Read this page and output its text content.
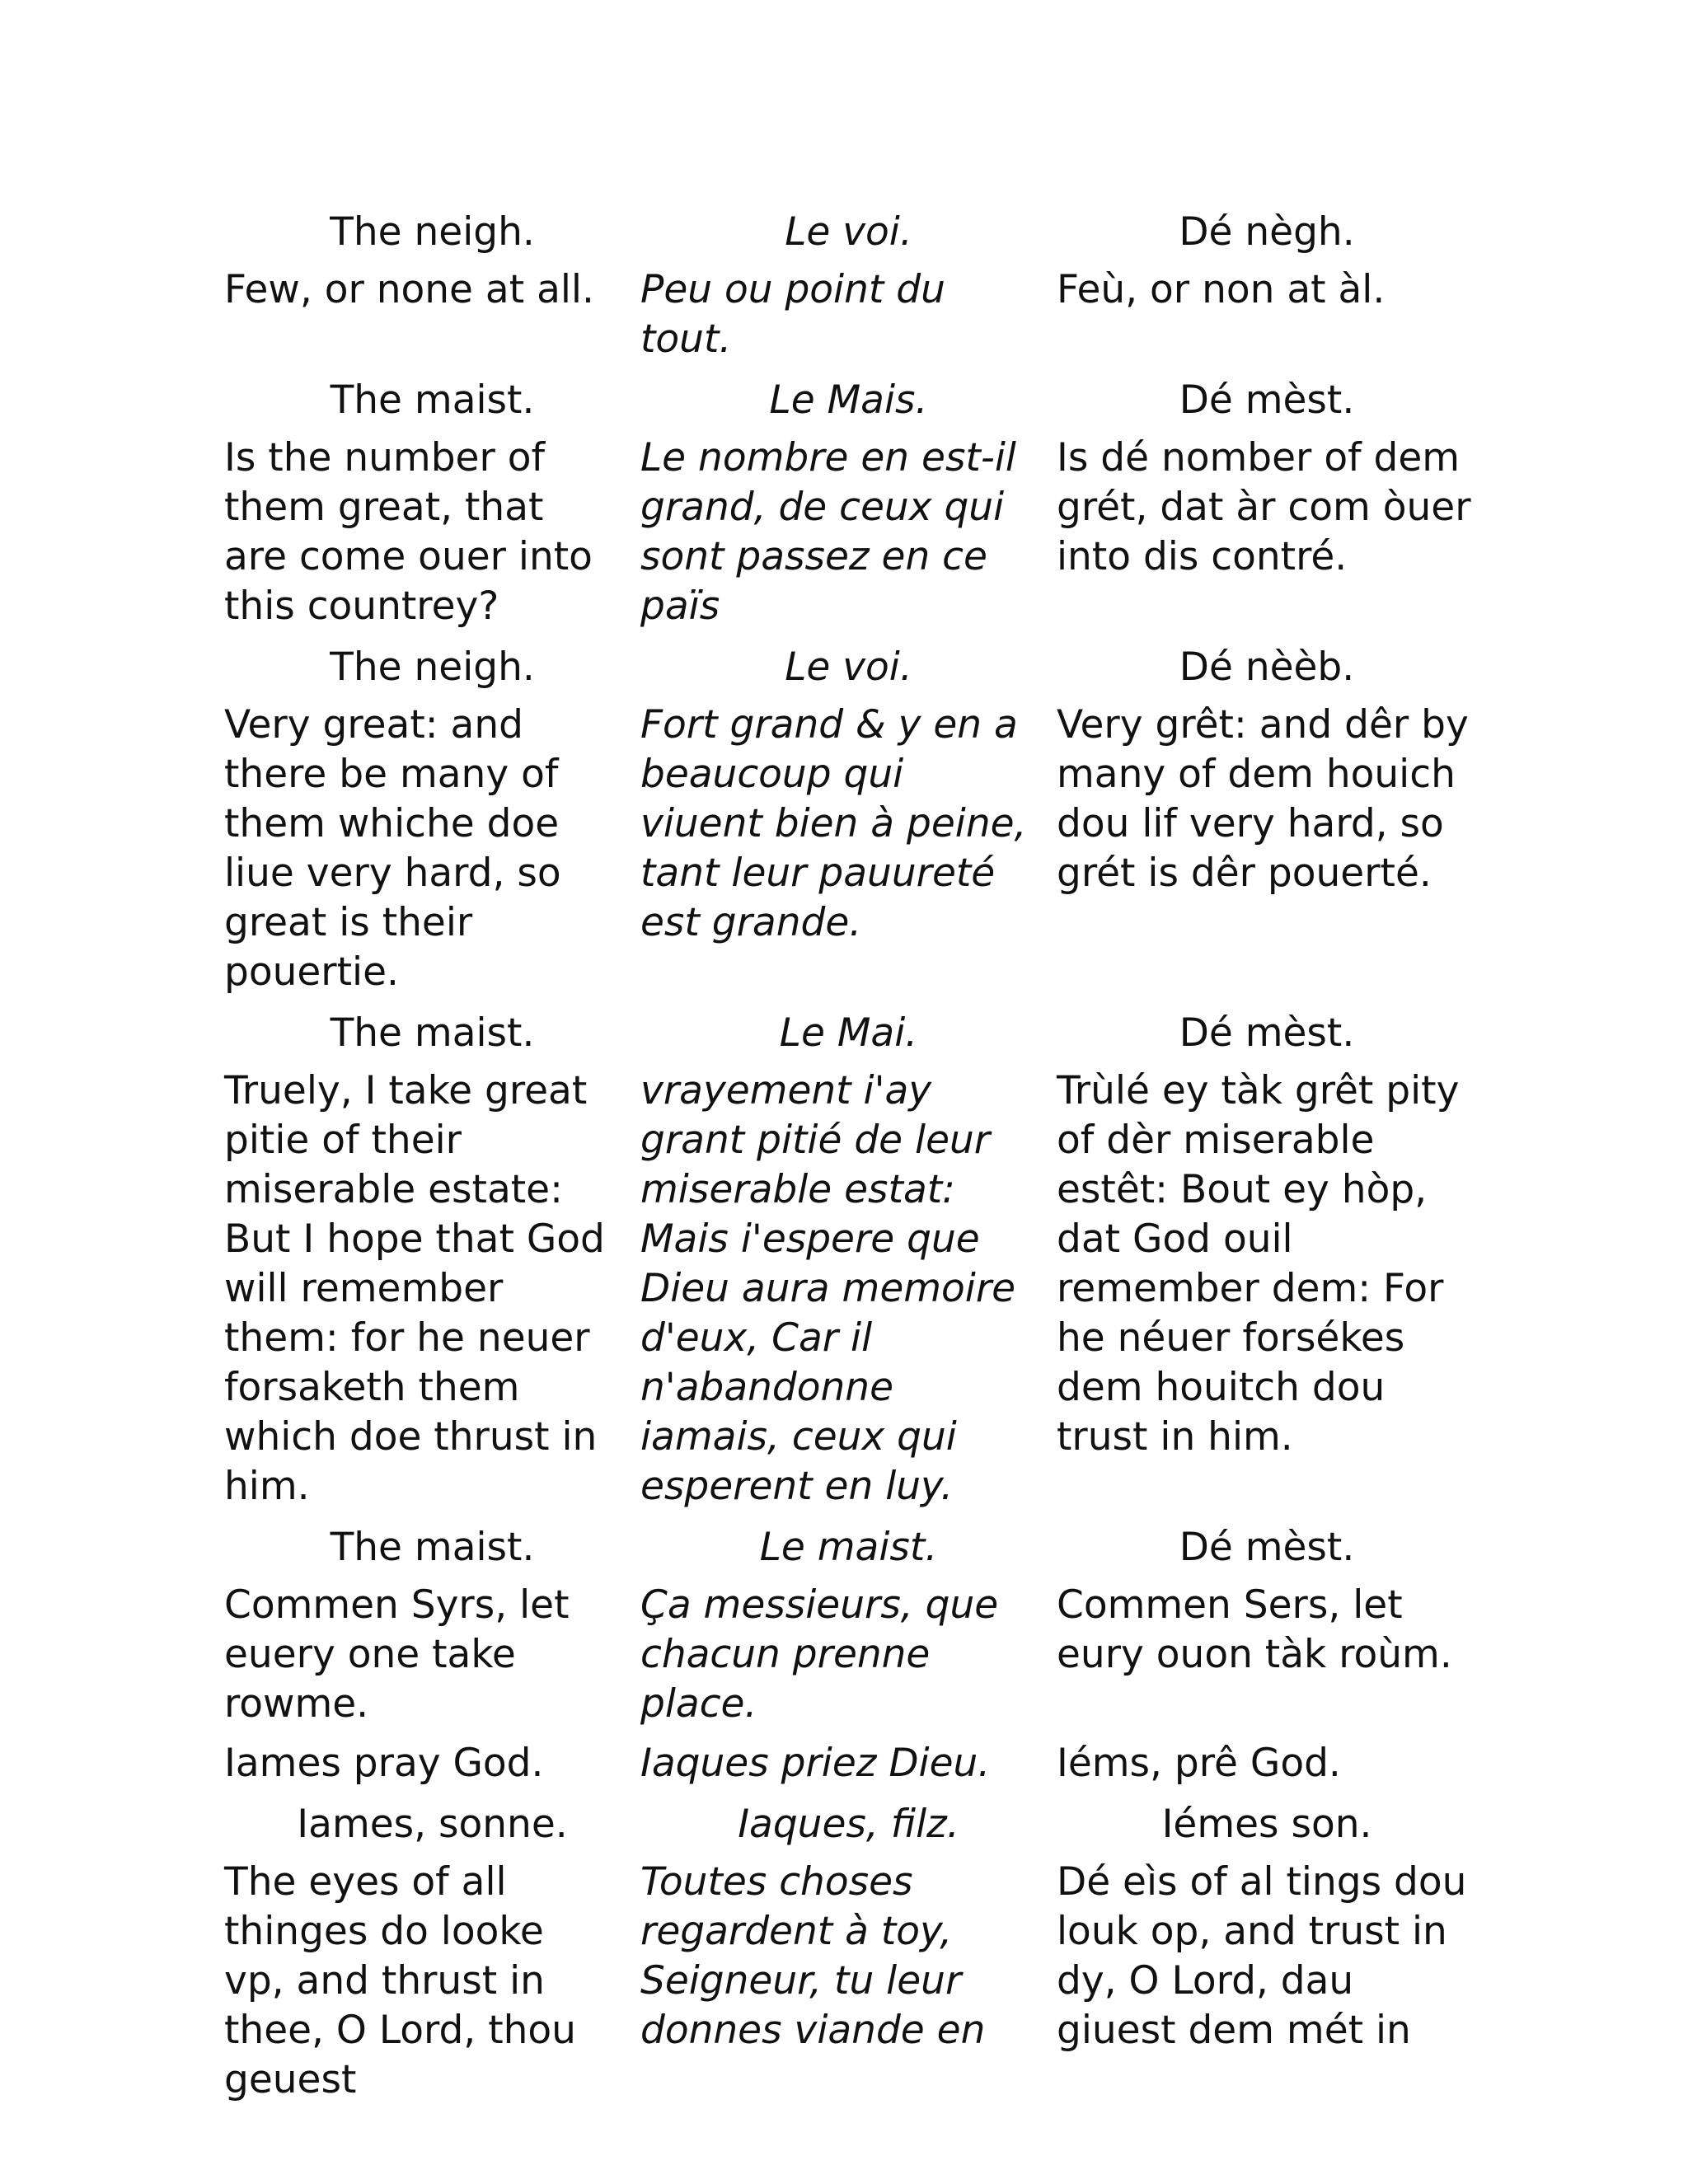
The neigh.	Le voi.	Dé nègh.
Few, or none at all.	Peu ou point du tout.	Feù, or non at àl.
The maist.	Le Mais.	Dé mèst.
Is the number of them great, that are come ouer into this countrey?	Le nombre en est-il grand, de ceux qui sont passez en ce païs	Is dé nomber of dem grét, dat àr com òuer into dis contré.
The neigh.	Le voi.	Dé nèèb.
Very great: and there be many of them whiche doe liue very hard, so great is their pouertie.	Fort grand & y en a beaucoup qui viuent bien à peine, tant leur pauureté est grande.	Very grêt: and dêr by many of dem houich dou lif very hard, so grét is dêr pouerté.
The maist.	Le Mai.	Dé mèst.
Truely, I take great pitie of their miserable estate: But I hope that God will remember them: for he neuer forsaketh them which doe thrust in him.	vrayement i'ay grant pitié de leur miserable estat: Mais i'espere que Dieu aura memoire d'eux, Car il n'abandonne iamais, ceux qui esperent en luy.	Trùlé ey tàk grêt pity of dèr miserable estêt: Bout ey hòp, dat God ouil remember dem: For he néuer forsékes dem houitch dou trust in him.
The maist.	Le maist.	Dé mèst.
Commen Syrs, let euery one take rowme.	Ça messieurs, que chacun prenne place.	Commen Sers, let eury ouon tàk roùm.
Iames pray God.	Iaques priez Dieu.	Iéms, prê God.
Iames, sonne.	Iaques, filz.	Iémes son.
The eyes of all thinges do looke vp, and thrust in thee, O Lord, thou geuest	Toutes choses regardent à toy, Seigneur, tu leur donnes viande en	Dé eìs of al tings dou louk op, and trust in dy, O Lord, dau giuest dem mét in
